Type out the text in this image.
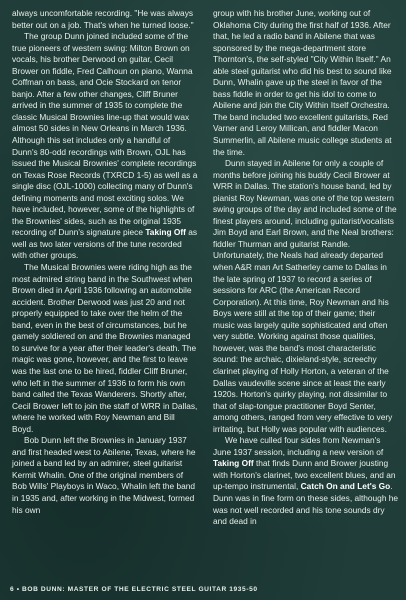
always uncomfortable recording. "He was always better out on a job. That's when he turned loose."

The group Dunn joined included some of the true pioneers of western swing: Milton Brown on vocals, his brother Derwood on guitar, Cecil Brower on fiddle, Fred Calhoun on piano, Wanna Coffman on bass, and Ocie Stockard on tenor banjo. After a few other changes, Cliff Bruner arrived in the summer of 1935 to complete the classic Musical Brownies line-up that would wax almost 50 sides in New Orleans in March 1936. Although this set includes only a handful of Dunn's 80-odd recordings with Brown, OJL has issued the Musical Brownies' complete recordings on Texas Rose Records (TXRCD 1-5) as well as a single disc (OJL-1000) collecting many of Dunn's defining moments and most exciting solos. We have included, however, some of the highlights of the Brownies' sides, such as the original 1935 recording of Dunn's signature piece Taking Off as well as two later versions of the tune recorded with other groups.

The Musical Brownies were riding high as the most admired string band in the Southwest when Brown died in April 1936 following an automobile accident. Brother Derwood was just 20 and not properly equipped to take over the helm of the band, even in the best of circumstances, but he gamely soldiered on and the Brownies managed to survive for a year after their leader's death. The magic was gone, however, and the first to leave was the last one to be hired, fiddler Cliff Bruner, who left in the summer of 1936 to form his own band called the Texas Wanderers. Shortly after, Cecil Brower left to join the staff of WRR in Dallas, where he worked with Roy Newman and Bill Boyd.

Bob Dunn left the Brownies in January 1937 and first headed west to Abilene, Texas, where he joined a band led by an admirer, steel guitarist Kermit Whalin. One of the original members of Bob Wills' Playboys in Waco, Whalin left the band in 1935 and, after working in the Midwest, formed his own

group with his brother June, working out of Oklahoma City during the first half of 1936. After that, he led a radio band in Abilene that was sponsored by the mega-department store Thornton's, the self-styled "City Within Itself." An able steel guitarist who did his best to sound like Dunn, Whalin gave up the steel in favor of the bass fiddle in order to get his idol to come to Abilene and join the City Within Itself Orchestra. The band included two excellent guitarists, Red Varner and Leroy Millican, and fiddler Macon Summerlin, all Abilene music college students at the time.

Dunn stayed in Abilene for only a couple of months before joining his buddy Cecil Brower at WRR in Dallas. The station's house band, led by pianist Roy Newman, was one of the top western swing groups of the day and included some of the finest players around, including guitarist/vocalists Jim Boyd and Earl Brown, and the Neal brothers: fiddler Thurman and guitarist Randle. Unfortunately, the Neals had already departed when A&R man Art Satherley came to Dallas in the late spring of 1937 to record a series of sessions for ARC (the American Record Corporation). At this time, Roy Newman and his Boys were still at the top of their game; their music was largely quite sophisticated and often very subtle. Working against those qualities, however, was the band's most characteristic sound: the archaic, dixieland-style, screechy clarinet playing of Holly Horton, a veteran of the Dallas vaudeville scene since at least the early 1920s. Horton's quirky playing, not dissimilar to that of slap-tongue practitioner Boyd Senter, among others, ranged from very effective to very irritating, but Holly was popular with audiences.

We have culled four sides from Newman's June 1937 session, including a new version of Taking Off that finds Dunn and Brower jousting with Horton's clarinet, two excellent blues, and an up-tempo instrumental, Catch On and Let's Go. Dunn was in fine form on these sides, although he was not well recorded and his tone sounds dry and dead in

6 • BOB DUNN: MASTER OF THE ELECTRIC STEEL GUITAR 1935-50
